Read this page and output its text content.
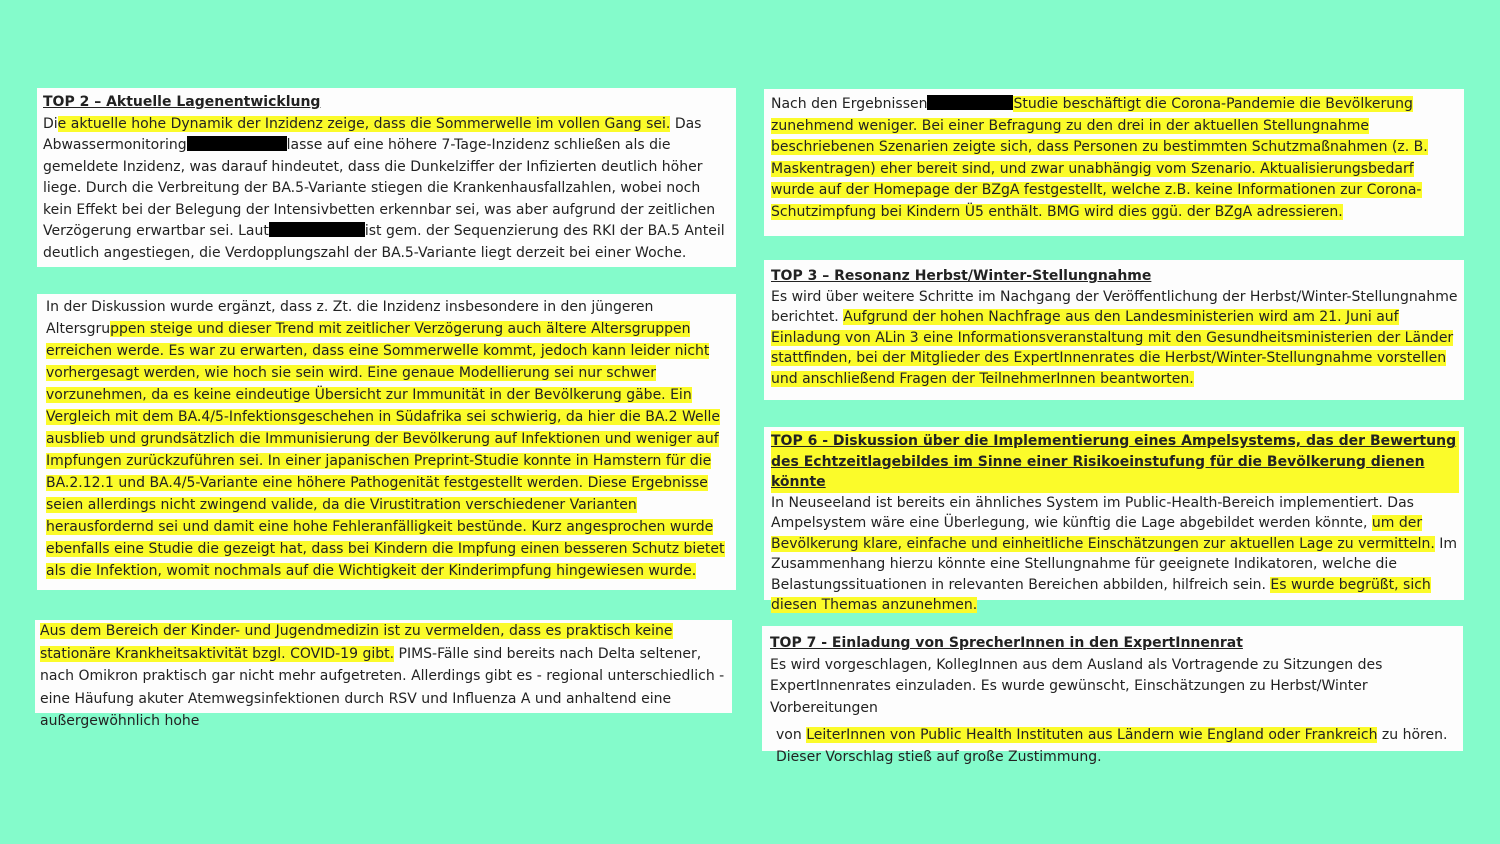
TOP 2 – Aktuelle Lagenentwicklung
Die aktuelle hohe Dynamik der Inzidenz zeige, dass die Sommerwelle im vollen Gang sei. Das Abwassermonitoring	lasse auf eine höhere 7-Tage-Inzidenz schließen als die gemeldete Inzidenz, was darauf hindeutet, dass die Dunkelziffer der Infizierten deutlich höher liege. Durch die Verbreitung der BA.5-Variante stiegen die Krankenhausfallzahlen, wobei noch kein Effekt bei der Belegung der Intensivbetten erkennbar sei, was aber aufgrund der zeitlichen Verzögerung erwartbar sei. Laut	ist gem. der Sequenzierung des RKI der BA.5 Anteil deutlich angestiegen, die Verdopplungszahl der BA.5-Variante liegt derzeit bei einer Woche.
In der Diskussion wurde ergänzt, dass z. Zt. die Inzidenz insbesondere in den jüngeren Altersgruppen steige und dieser Trend mit zeitlicher Verzögerung auch ältere Altersgruppen erreichen werde. Es war zu erwarten, dass eine Sommerwelle kommt, jedoch kann leider nicht vorhergesagt werden, wie hoch sie sein wird. Eine genaue Modellierung sei nur schwer vorzunehmen, da es keine eindeutige Übersicht zur Immunität in der Bevölkerung gäbe. Ein Vergleich mit dem BA.4/5-Infektionsgeschehen in Südafrika sei schwierig, da hier die BA.2 Welle ausblieb und grundsätzlich die Immunisierung der Bevölkerung auf Infektionen und weniger auf Impfungen zurückzuführen sei. In einer japanischen Preprint-Studie konnte in Hamstern für die BA.2.12.1 und BA.4/5-Variante eine höhere Pathogenität festgestellt werden. Diese Ergebnisse seien allerdings nicht zwingend valide, da die Virustitration verschiedener Varianten herausfordernd sei und damit eine hohe Fehleranfälligkeit bestünde. Kurz angesprochen wurde ebenfalls eine Studie die gezeigt hat, dass bei Kindern die Impfung einen besseren Schutz bietet als die Infektion, womit nochmals auf die Wichtigkeit der Kinderimpfung hingewiesen wurde.
Aus dem Bereich der Kinder- und Jugendmedizin ist zu vermelden, dass es praktisch keine stationäre Krankheitsaktivität bzgl. COVID-19 gibt. PIMS-Fälle sind bereits nach Delta seltener, nach Omikron praktisch gar nicht mehr aufgetreten. Allerdings gibt es - regional unterschiedlich - eine Häufung akuter Atemwegsinfektionen durch RSV und Influenza A und anhaltend eine außergewöhnlich hohe
Nach den Ergebnissen	Studie beschäftigt die Corona-Pandemie die Bevölkerung zunehmend weniger. Bei einer Befragung zu den drei in der aktuellen Stellungnahme beschriebenen Szenarien zeigte sich, dass Personen zu bestimmten Schutzmaßnahmen (z. B. Maskentragen) eher bereit sind, und zwar unabhängig vom Szenario. Aktualisierungsbedarf wurde auf der Homepage der BZgA festgestellt, welche z.B. keine Informationen zur Corona-Schutzimpfung bei Kindern Ü5 enthält. BMG wird dies ggü. der BZgA adressieren.
TOP 3 – Resonanz Herbst/Winter-Stellungnahme
Es wird über weitere Schritte im Nachgang der Veröffentlichung der Herbst/Winter-Stellungnahme berichtet. Aufgrund der hohen Nachfrage aus den Landesministerien wird am 21. Juni auf Einladung von ALin 3 eine Informationsveranstaltung mit den Gesundheitsministerien der Länder stattfinden, bei der Mitglieder des ExpertInnenrates die Herbst/Winter-Stellungnahme vorstellen und anschließend Fragen der TeilnehmerInnen beantworten.
TOP 6 - Diskussion über die Implementierung eines Ampelsystems, das der Bewertung des Echtzeitlagebildes im Sinne einer Risikoeinstufung für die Bevölkerung dienen könnte
In Neuseeland ist bereits ein ähnliches System im Public-Health-Bereich implementiert. Das Ampelsystem wäre eine Überlegung, wie künftig die Lage abgebildet werden könnte, um der Bevölkerung klare, einfache und einheitliche Einschätzungen zur aktuellen Lage zu vermitteln. Im Zusammenhang hierzu könnte eine Stellungnahme für geeignete Indikatoren, welche die Belastungssituationen in relevanten Bereichen abbilden, hilfreich sein. Es wurde begrüßt, sich diesen Themas anzunehmen.
TOP 7 - Einladung von SprecherInnen in den ExpertInnenrat
Es wird vorgeschlagen, KollegInnen aus dem Ausland als Vortragende zu Sitzungen des ExpertInnenrates einzuladen. Es wurde gewünscht, Einschätzungen zu Herbst/Winter Vorbereitungen
von LeiterInnen von Public Health Instituten aus Ländern wie England oder Frankreich zu hören. Dieser Vorschlag stieß auf große Zustimmung.
